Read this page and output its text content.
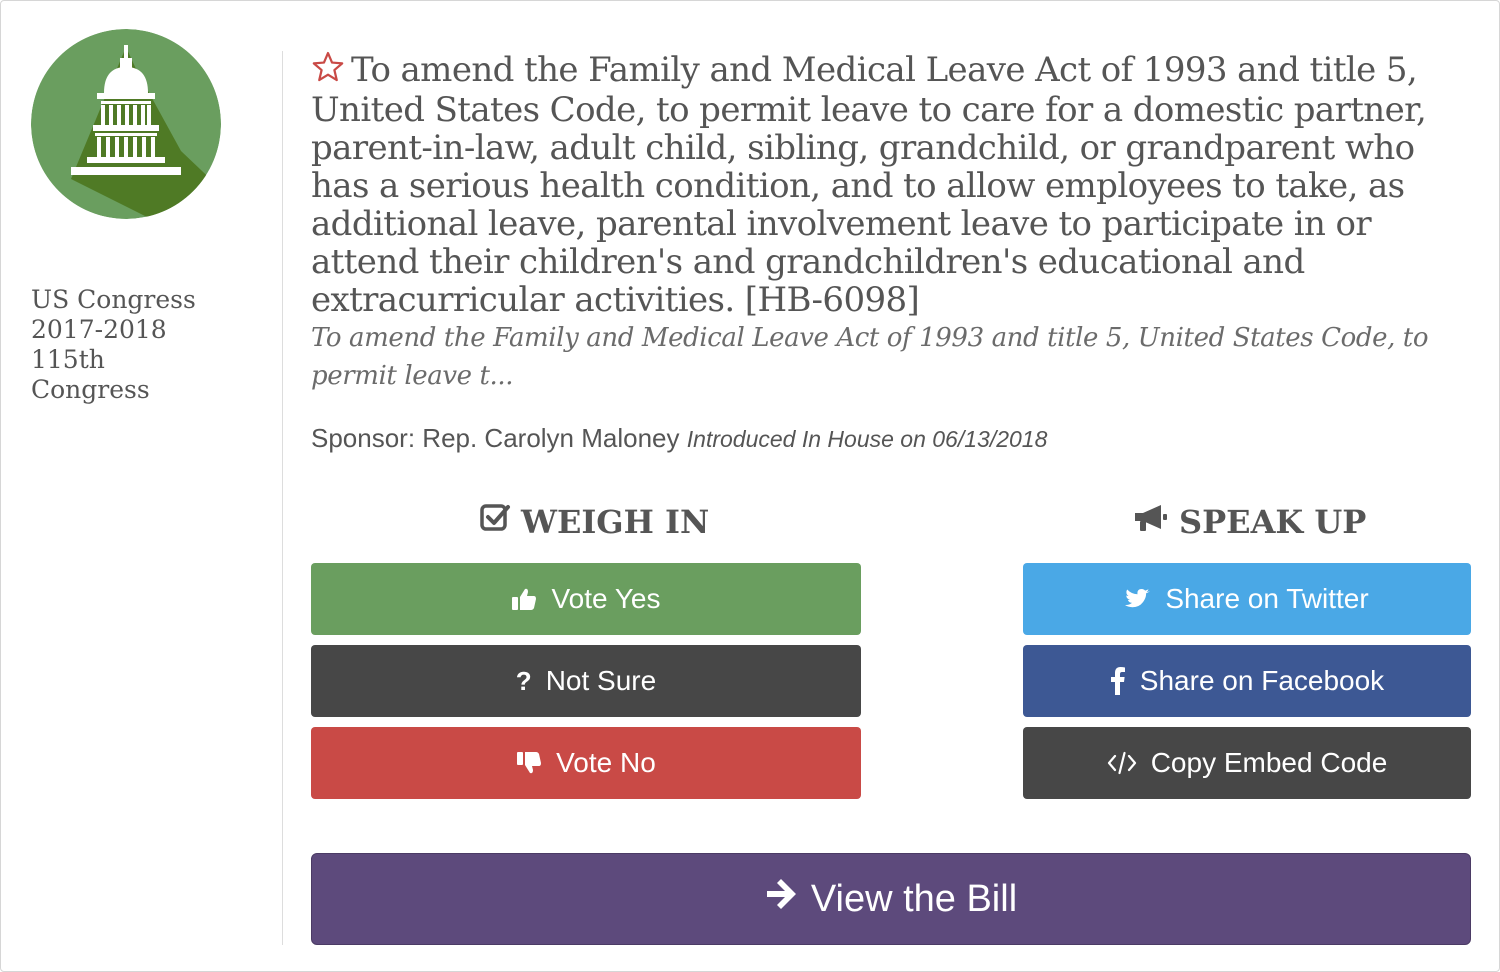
US Congress
2017-2018
115th
Congress
To amend the Family and Medical Leave Act of 1993 and title 5, United States Code, to permit leave to care for a domestic partner, parent-in-law, adult child, sibling, grandchild, or grandparent who has a serious health condition, and to allow employees to take, as additional leave, parental involvement leave to participate in or attend their children's and grandchildren's educational and extracurricular activities. [HB-6098]
To amend the Family and Medical Leave Act of 1993 and title 5, United States Code, to permit leave t...
Sponsor: Rep. Carolyn Maloney Introduced In House on 06/13/2018
WEIGH IN	SPEAK UP
Vote Yes
? Not Sure
Vote No
Share on Twitter
Share on Facebook
Copy Embed Code
View the Bill
